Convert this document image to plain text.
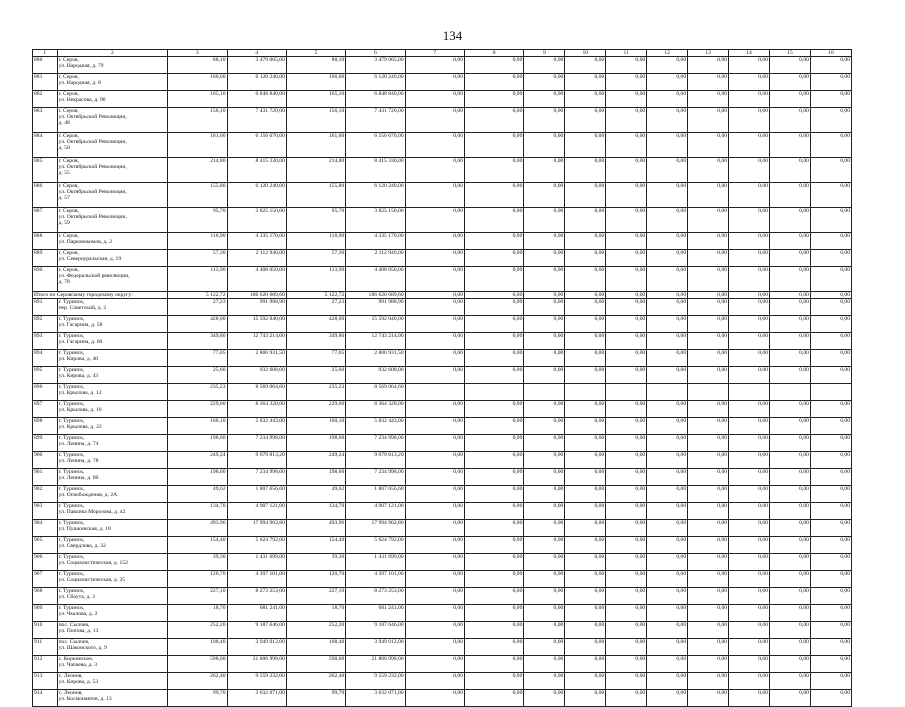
134
1	2	3	4	5	6	7	8	9	10	11	12	13	14	15	16
880	г. Серов,
ул. Народная, д. 79	88,10	3 479 065,00	88,10	3 479 065,00	0,00	0,00	0,00	0,00	0,00	0,00	0,00	0,00	0,00	0,00
881	г. Серов,
ул. Народная, д. 8	166,60	6 120 240,00	166,60	6 120 240,00	0,00	0,00	0,00	0,00	0,00	0,00	0,00	0,00	0,00	0,00
882	г. Серов,
ул. Некрасова, д. 90	165,10	6 848 840,00	165,10	6 848 840,00	0,00	0,00	0,00	0,00	0,00	0,00	0,00	0,00	0,00	0,00
883	г. Серов,
ул. Октябрьской Революции,
д. 48	156,10	7 431 720,00	156,10	7 431 720,00	0,00	0,00	0,00	0,00	0,00	0,00	0,00	0,00	0,00	0,00
884	г. Серов,
ул. Октябрьской Революции,
д. 50	161,60	6 156 670,00	161,60	6 156 670,00	0,00	0,00	0,00	0,00	0,00	0,00	0,00	0,00	0,00	0,00
885	г. Серов,
ул. Октябрьской Революции,
д. 55	214,80	8 415 330,00	214,80	8 415 330,00	0,00	0,00	0,00	0,00	0,00	0,00	0,00	0,00	0,00	0,00
886	г. Серов,
ул. Октябрьской Революции,
д. 57	155,80	6 120 240,00	155,80	6 120 240,00	0,00	0,00	0,00	0,00	0,00	0,00	0,00	0,00	0,00	0,00
887	г. Серов,
ул. Октябрьской Революции,
д. 59	95,70	3 825 150,00	95,70	3 825 150,00	0,00	0,00	0,00	0,00	0,00	0,00	0,00	0,00	0,00	0,00
888	г. Серов,
ул. Парковокомов, д. 2	116,90	4 335 170,00	116,90	4 335 170,00	0,00	0,00	0,00	0,00	0,00	0,00	0,00	0,00	0,00	0,00
889	г. Серов,
ул. Североуральская, д. 19	57,30	2 112 940,00	57,30	2 112 940,00	0,00	0,00	0,00	0,00	0,00	0,00	0,00	0,00	0,00	0,00
890	г. Серов,
ул. Федеральской революции,
д. 78	113,90	4 408 050,00	113,90	4 408 050,00	0,00	0,00	0,00	0,00	0,00	0,00	0,00	0,00	0,00	0,00
Итого по Серовскому городскому округу:		5 122,72	186 620 689,60	5 122,72	186 620 689,60	0,00	0,00	0,00	0,00	0,00	0,00	0,00	0,00	0,00	0,00
891	г. Туринск,
пер. Советский, д. 2	27,23	991 988,90	27,23	991 988,90	0,00	0,00	0,00	0,00	0,00	0,00	0,00	0,00	0,00	0,00
892	г. Туринск,
ул. Гагарина, д. 58	428,00	15 592 040,00	428,00	15 592 040,00	0,00	0,00	0,00	0,00	0,00	0,00	0,00	0,00	0,00	0,00
893	г. Туринск,
ул. Гагарина, д. 60	349,80	12 743 214,00	349,80	12 743 214,00	0,00	0,00	0,00	0,00	0,00	0,00	0,00	0,00	0,00	0,00
894	г. Туринск,
ул. Кирова, д. 40	77,05	2 806 931,50	77,05	2 806 931,50	0,00	0,00	0,00	0,00	0,00	0,00	0,00	0,00	0,00	0,00
895	г. Туринск,
ул. Кирова, д. 43	25,60	932 608,00	25,60	932 608,00	0,00	0,00	0,00	0,00	0,00	0,00	0,00	0,00	0,00	0,00
896	г. Туринск,
ул. Крылова, д. 12	235,23	8 569 064,60	235,23	8 569 064,60										
897	г. Туринск,
ул. Крылова, д. 16	229,60	8 364 328,00	229,60	8 364 328,00	0,00	0,00	0,00	0,00	0,00	0,00	0,00	0,00	0,00	0,00
898	г. Туринск,
ул. Крылова, д. 22	160,10	5 832 443,00	160,10	5 832 443,00	0,00	0,00	0,00	0,00	0,00	0,00	0,00	0,00	0,00	0,00
899	г. Туринск,
ул. Ленина, д. 74	198,60	7 234 998,00	198,60	7 234 998,00	0,00	0,00	0,00	0,00	0,00	0,00	0,00	0,00	0,00	0,00
900	г. Туринск,
ул. Ленина, д. 78	249,24	9 079 813,20	249,24	9 079 813,20	0,00	0,00	0,00	0,00	0,00	0,00	0,00	0,00	0,00	0,00
901	г. Туринск,
ул. Ленина, д. 80	198,60	7 234 998,00	198,60	7 234 998,00	0,00	0,00	0,00	0,00	0,00	0,00	0,00	0,00	0,00	0,00
902	г. Туринск,
ул. Освобождения, д. 2А	49,62	1 807 656,60	49,62	1 807 656,60	0,00	0,00	0,00	0,00	0,00	0,00	0,00	0,00	0,00	0,00
903	г. Туринск,
ул. Павлика Морозова, д. 42	134,70	4 907 121,00	134,70	4 907 121,00	0,00	0,00	0,00	0,00	0,00	0,00	0,00	0,00	0,00	0,00
904	г. Туринск,
ул. Пушкинская, д. 10	493,96	17 994 962,80	493,96	17 994 962,80	0,00	0,00	0,00	0,00	0,00	0,00	0,00	0,00	0,00	0,00
905	г. Туринск,
ул. Свердлова, д. 32	154,40	5 624 792,00	154,40	5 624 792,00	0,00	0,00	0,00	0,00	0,00	0,00	0,00	0,00	0,00	0,00
906	г. Туринск,
ул. Социалистическая, д. 152	39,30	1 431 699,00	39,30	1 431 699,00	0,00	0,00	0,00	0,00	0,00	0,00	0,00	0,00	0,00	0,00
907	г. Туринск,
ул. Социалистическая, д. 25	120,70	4 397 101,00	120,70	4 397 101,00	0,00	0,00	0,00	0,00	0,00	0,00	0,00	0,00	0,00	0,00
908	г. Туринск,
ул. Сбоута, д. 3	227,10	8 273 253,00	227,10	8 273 253,00	0,00	0,00	0,00	0,00	0,00	0,00	0,00	0,00	0,00	0,00
909	г. Туринск,
ул. Чкалова, д. 2	18,70	681 241,00	18,70	681 241,00	0,00	0,00	0,00	0,00	0,00	0,00	0,00	0,00	0,00	0,00
910	пос. Сылчев,
ул. Попова, д. 13	252,20	9 187 646,00	252,20	9 187 646,00	0,00	0,00	0,00	0,00	0,00	0,00	0,00	0,00	0,00	0,00
911	пос. Сылчев,
ул. Шаконского, д. 9	108,40	3 949 012,00	108,40	3 949 012,00	0,00	0,00	0,00	0,00	0,00	0,00	0,00	0,00	0,00	0,00
912	с. Коркинское,
ул. Чапаева, д. 3	598,60	21 806 998,00	598,60	21 806 998,00	0,00	0,00	0,00	0,00	0,00	0,00	0,00	0,00	0,00	0,00
913	с. Леонов,
ул. Кирова, д. 53	262,40	9 559 232,00	262,40	9 559 232,00	0,00	0,00	0,00	0,00	0,00	0,00	0,00	0,00	0,00	0,00
914	с. Леонов,
ул. Космонавтов, д. 13	99,70	3 632 071,00	99,70	3 632 071,00	0,00	0,00	0,00	0,00	0,00	0,00	0,00	0,00	0,00	0,00
